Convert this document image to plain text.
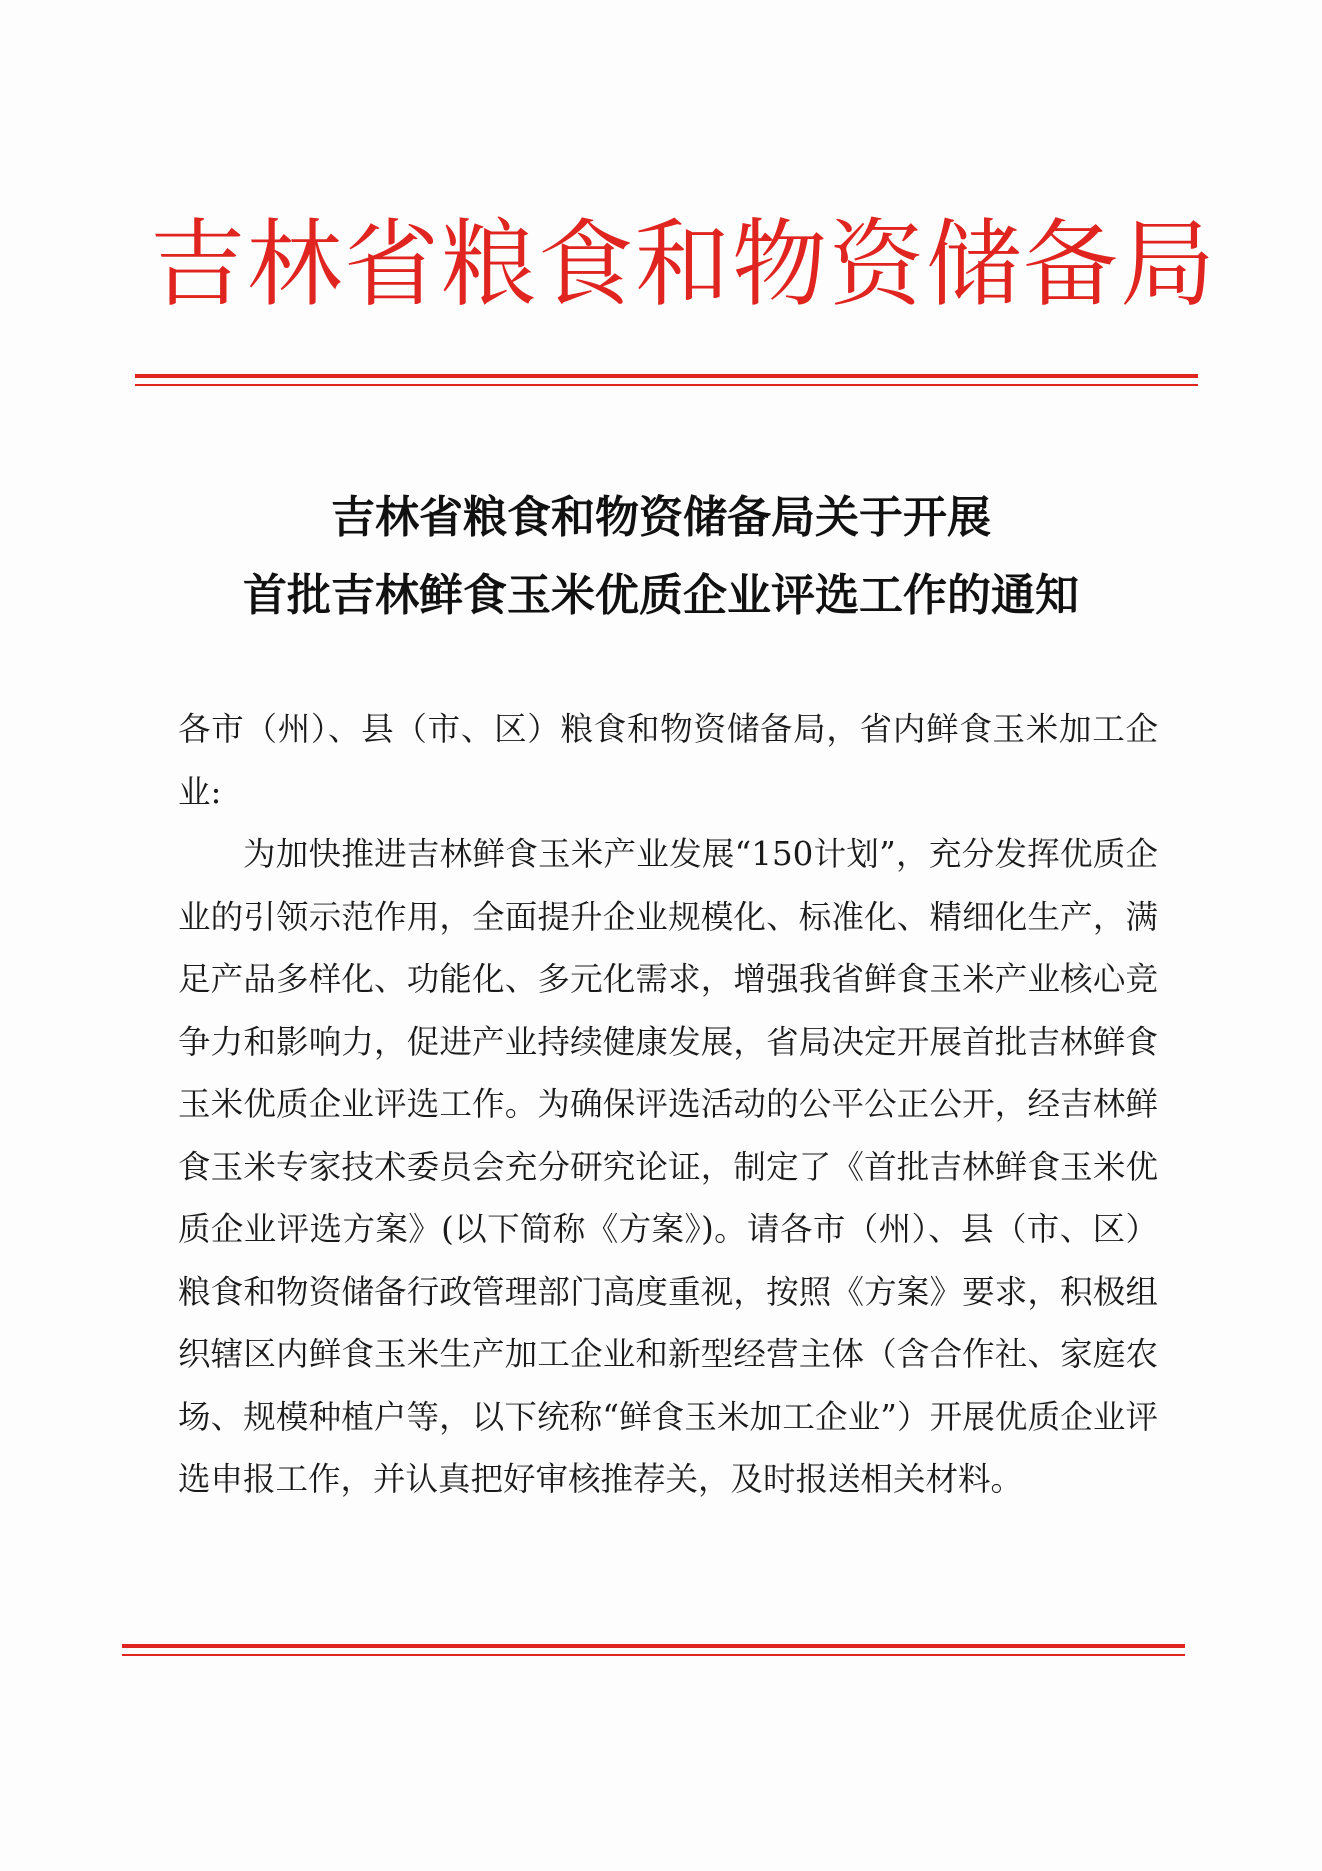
吉林省粮食和物资储备局
吉林省粮食和物资储备局关于开展
首批吉林鲜食玉米优质企业评选工作的通知

各市（州）、县（市、区）粮食和物资储备局，省内鲜食玉米加工企业:

为加快推进吉林鲜食玉米产业发展“150计划”，充分发挥优质企业的引领示范作用，全面提升企业规模化、标准化、精细化生产，满足产品多样化、功能化、多元化需求，增强我省鲜食玉米产业核心竞争力和影响力，促进产业持续健康发展，省局决定开展首批吉林鲜食玉米优质企业评选工作。为确保评选活动的公平公正公开，经吉林鲜食玉米专家技术委员会充分研究论证，制定了《首批吉林鲜食玉米优质企业评选方案》(以下简称《方案》)。请各市（州）、县（市、区）粮食和物资储备行政管理部门高度重视，按照《方案》要求，积极组织辖区内鲜食玉米生产加工企业和新型经营主体（含合作社、家庭农场、规模种植户等，以下统称“鲜食玉米加工企业”）开展优质企业评选申报工作，并认真把好审核推荐关，及时报送相关材料。
